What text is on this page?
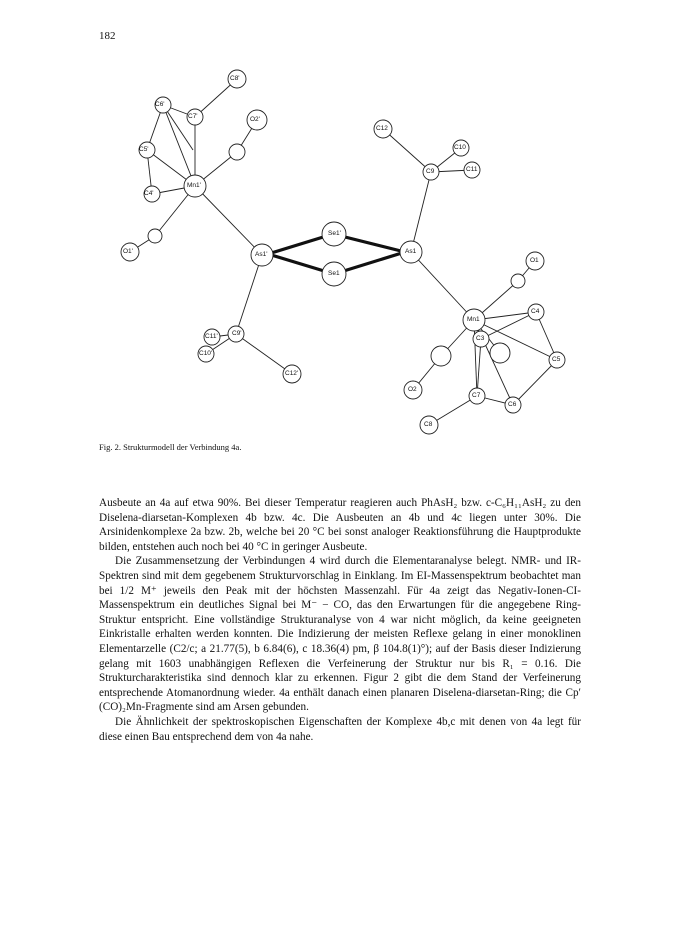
182
C8'
C6'
C7'	O2'
C5'
Mn1'
C4'
O1'	As1'
Se1'
Se1
As1
C12
C10
C9	C11
O1
Mn1
C4
C3
C5
C11' C9'
C10'
C12'
O2
C7
C6
C8
Fig. 2. Strukturmodell der Verbindung 4a.

Ausbeute an 4a auf etwa 90%. Bei dieser Temperatur reagieren auch PhAsH₂ bzw. c-C₆H₁₁AsH₂ zu den Diselena-diarsetan-Komplexen 4b bzw. 4c. Die Ausbeuten an 4b und 4c liegen unter 30%. Die Arsinidenkomplexe 2a bzw. 2b, welche bei 20 °C bei sonst analoger Reaktionsführung die Hauptprodukte bilden, entstehen auch noch bei 40 °C in geringer Ausbeute.

Die Zusammensetzung der Verbindungen 4 wird durch die Elementaranalyse belegt. NMR- und IR-Spektren sind mit dem gegebenem Strukturvorschlag in Einklang. Im EI-Massenspektrum beobachtet man bei 1/2 M⁺ jeweils den Peak mit der höchsten Massenzahl. Für 4a zeigt das Negativ-Ionen-CI-Massenspektrum ein deutliches Signal bei M⁻ − CO, das den Erwartungen für die angegebene Ring-Struktur entspricht. Eine vollständige Strukturanalyse von 4 war nicht möglich, da keine geeigneten Einkristalle erhalten werden konnten. Die Indizierung der meisten Reflexe gelang in einer monoklinen Elementarzelle (C2/c; a 21.77(5), b 6.84(6), c 18.36(4) pm, β 104.8(1)°); auf der Basis dieser Indizierung gelang mit 1603 unabhängigen Reflexen die Verfeinerung der Struktur nur bis R₁ = 0.16. Die Strukturcharakteristika sind dennoch klar zu erkennen. Figur 2 gibt die dem Stand der Verfeinerung entsprechende Atomanordnung wieder. 4a enthält danach einen planaren Diselena-diarsetan-Ring; die Cp′(CO)₂Mn-Fragmente sind am Arsen gebunden.

Die Ähnlichkeit der spektroskopischen Eigenschaften der Komplexe 4b,c mit denen von 4a legt für diese einen Bau entsprechend dem von 4a nahe.
